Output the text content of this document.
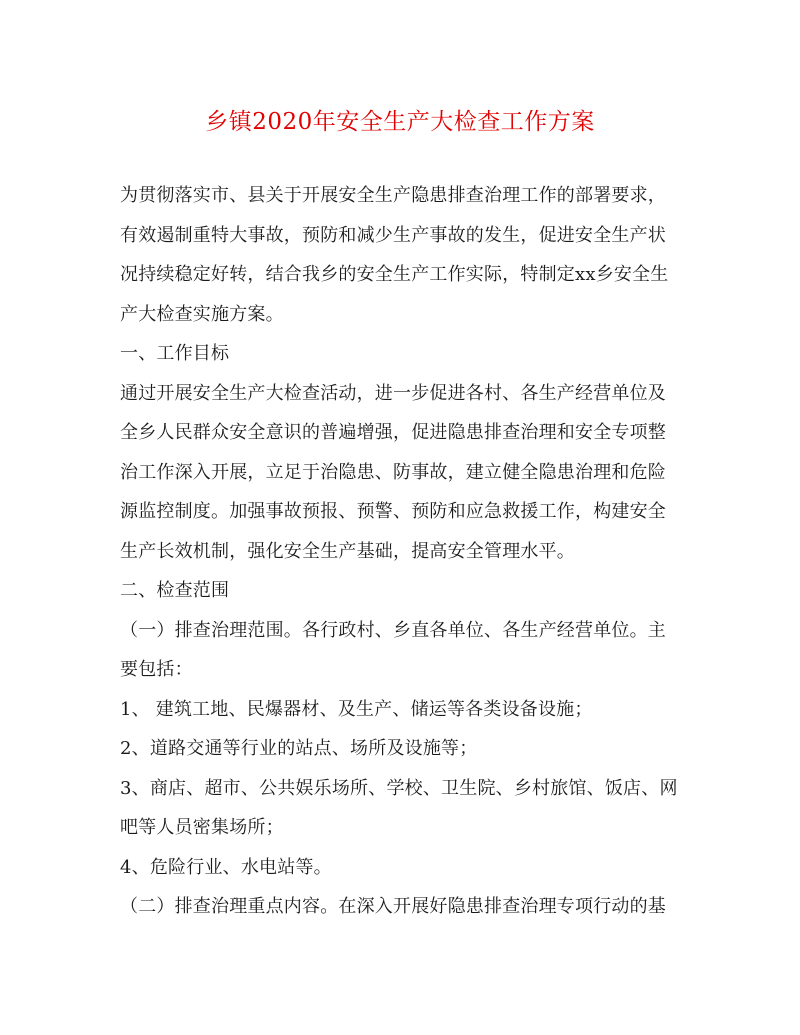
乡镇2020年安全生产大检查工作方案

为贯彻落实市、县关于开展安全生产隐患排查治理工作的部署要求，有效遏制重特大事故，预防和减少生产事故的发生，促进安全生产状况持续稳定好转，结合我乡的安全生产工作实际，特制定xx乡安全生产大检查实施方案。

一、工作目标

通过开展安全生产大检查活动，进一步促进各村、各生产经营单位及全乡人民群众安全意识的普遍增强，促进隐患排查治理和安全专项整治工作深入开展，立足于治隐患、防事故，建立健全隐患治理和危险源监控制度。加强事故预报、预警、预防和应急救援工作，构建安全生产长效机制，强化安全生产基础，提高安全管理水平。

二、检查范围

（一）排查治理范围。各行政村、乡直各单位、各生产经营单位。主要包括：

1、 建筑工地、民爆器材、及生产、储运等各类设备设施；

2、道路交通等行业的站点、场所及设施等；

3、商店、超市、公共娱乐场所、学校、卫生院、乡村旅馆、饭店、网吧等人员密集场所；

4、危险行业、水电站等。

（二）排查治理重点内容。在深入开展好隐患排查治理专项行动的基
